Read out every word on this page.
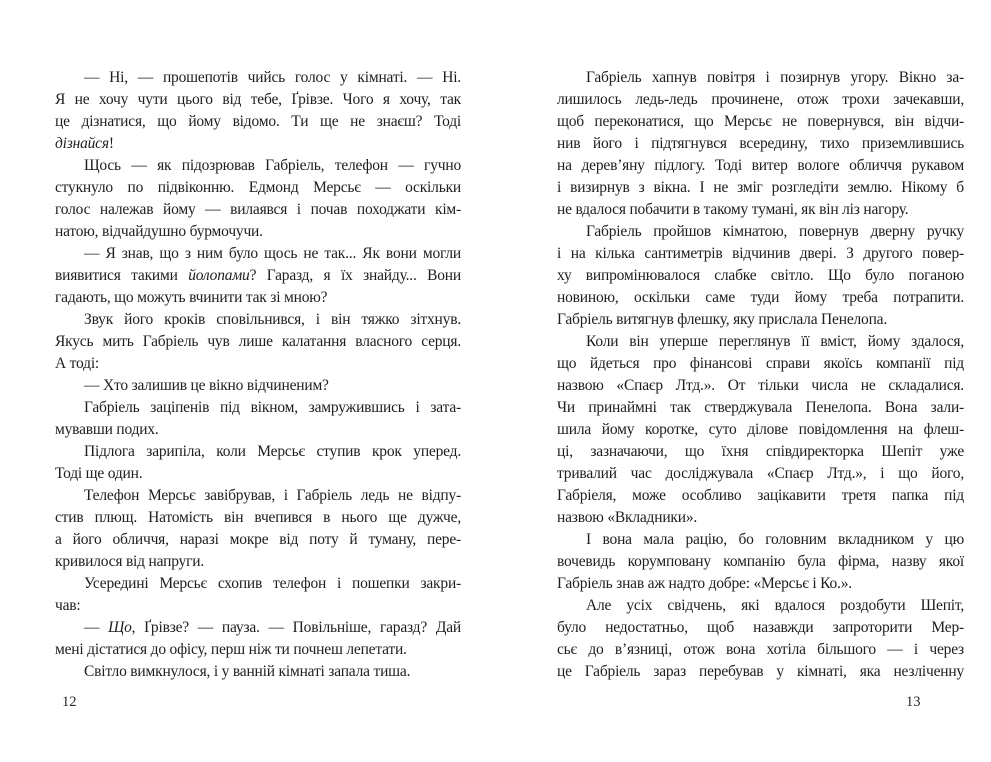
— Ні, — прошепотів чийсь голос у кімнаті. — Ні.
Я не хочу чути цього від тебе, Ґрівзе. Чого я хочу, так
це дізнатися, що йому відомо. Ти ще не знаєш? Тоді
дізнайся!
Щось — як підозрював Габріель, телефон — гучно
стукнуло по підвіконню. Едмонд Мерсьє — оскільки
голос належав йому — вилаявся і почав походжати кім-
натою, відчайдушно бурмочучи.
— Я знав, що з ним було щось не так... Як вони могли
виявитися такими йолопами? Гаразд, я їх знайду... Вони
гадають, що можуть вчинити так зі мною?
Звук його кроків сповільнився, і він тяжко зітхнув.
Якусь мить Габріель чув лише калатання власного серця.
А тоді:
— Хто залишив це вікно відчиненим?
Габріель заціпенів під вікном, замружившись і зата-
мувавши подих.
Підлога зарипіла, коли Мерсьє ступив крок уперед.
Тоді ще один.
Телефон Мерсьє завібрував, і Габріель ледь не відпу-
стив плющ. Натомість він вчепився в нього ще дужче,
а його обличчя, наразі мокре від поту й туману, пере-
кривилося від напруги.
Усередині Мерсьє схопив телефон і пошепки закри-
чав:
— Що, Ґрівзе? — пауза. — Повільніше, гаразд? Дай
мені дістатися до офісу, перш ніж ти почнеш лепетати.
Світло вимкнулося, і у ванній кімнаті запала тиша.
12
Габріель хапнув повітря і позирнув угору. Вікно за-
лишилось ледь-ледь прочинене, отож трохи зачекавши,
щоб переконатися, що Мерсьє не повернувся, він відчи-
нив його і підтягнувся всередину, тихо приземлившись
на дерев’яну підлогу. Тоді витер вологе обличчя рукавом
і визирнув з вікна. І не зміг розгледіти землю. Нікому б
не вдалося побачити в такому тумані, як він ліз нагору.
Габріель пройшов кімнатою, повернув дверну ручку
і на кілька сантиметрів відчинив двері. З другого повер-
ху випромінювалося слабке світло. Що було поганою
новиною, оскільки саме туди йому треба потрапити.
Габріель витягнув флешку, яку прислала Пенелопа.
Коли він уперше переглянув її вміст, йому здалося,
що йдеться про фінансові справи якоїсь компанії під
назвою «Спаєр Лтд.». От тільки числа не складалися.
Чи принаймні так стверджувала Пенелопа. Вона зали-
шила йому коротке, суто ділове повідомлення на флеш-
ці, зазначаючи, що їхня співдиректорка Шепіт уже
тривалий час досліджувала «Спаєр Лтд.», і що його,
Габріеля, може особливо зацікавити третя папка під
назвою «Вкладники».
І вона мала рацію, бо головним вкладником у цю
вочевидь корумповану компанію була фірма, назву якої
Габріель знав аж надто добре: «Мерсьє і Ко.».
Але усіх свідчень, які вдалося роздобути Шепіт,
було недостатньо, щоб назавжди запроторити Мер-
сьє до в’язниці, отож вона хотіла більшого — і через
це Габріель зараз перебував у кімнаті, яка незліченну
13
